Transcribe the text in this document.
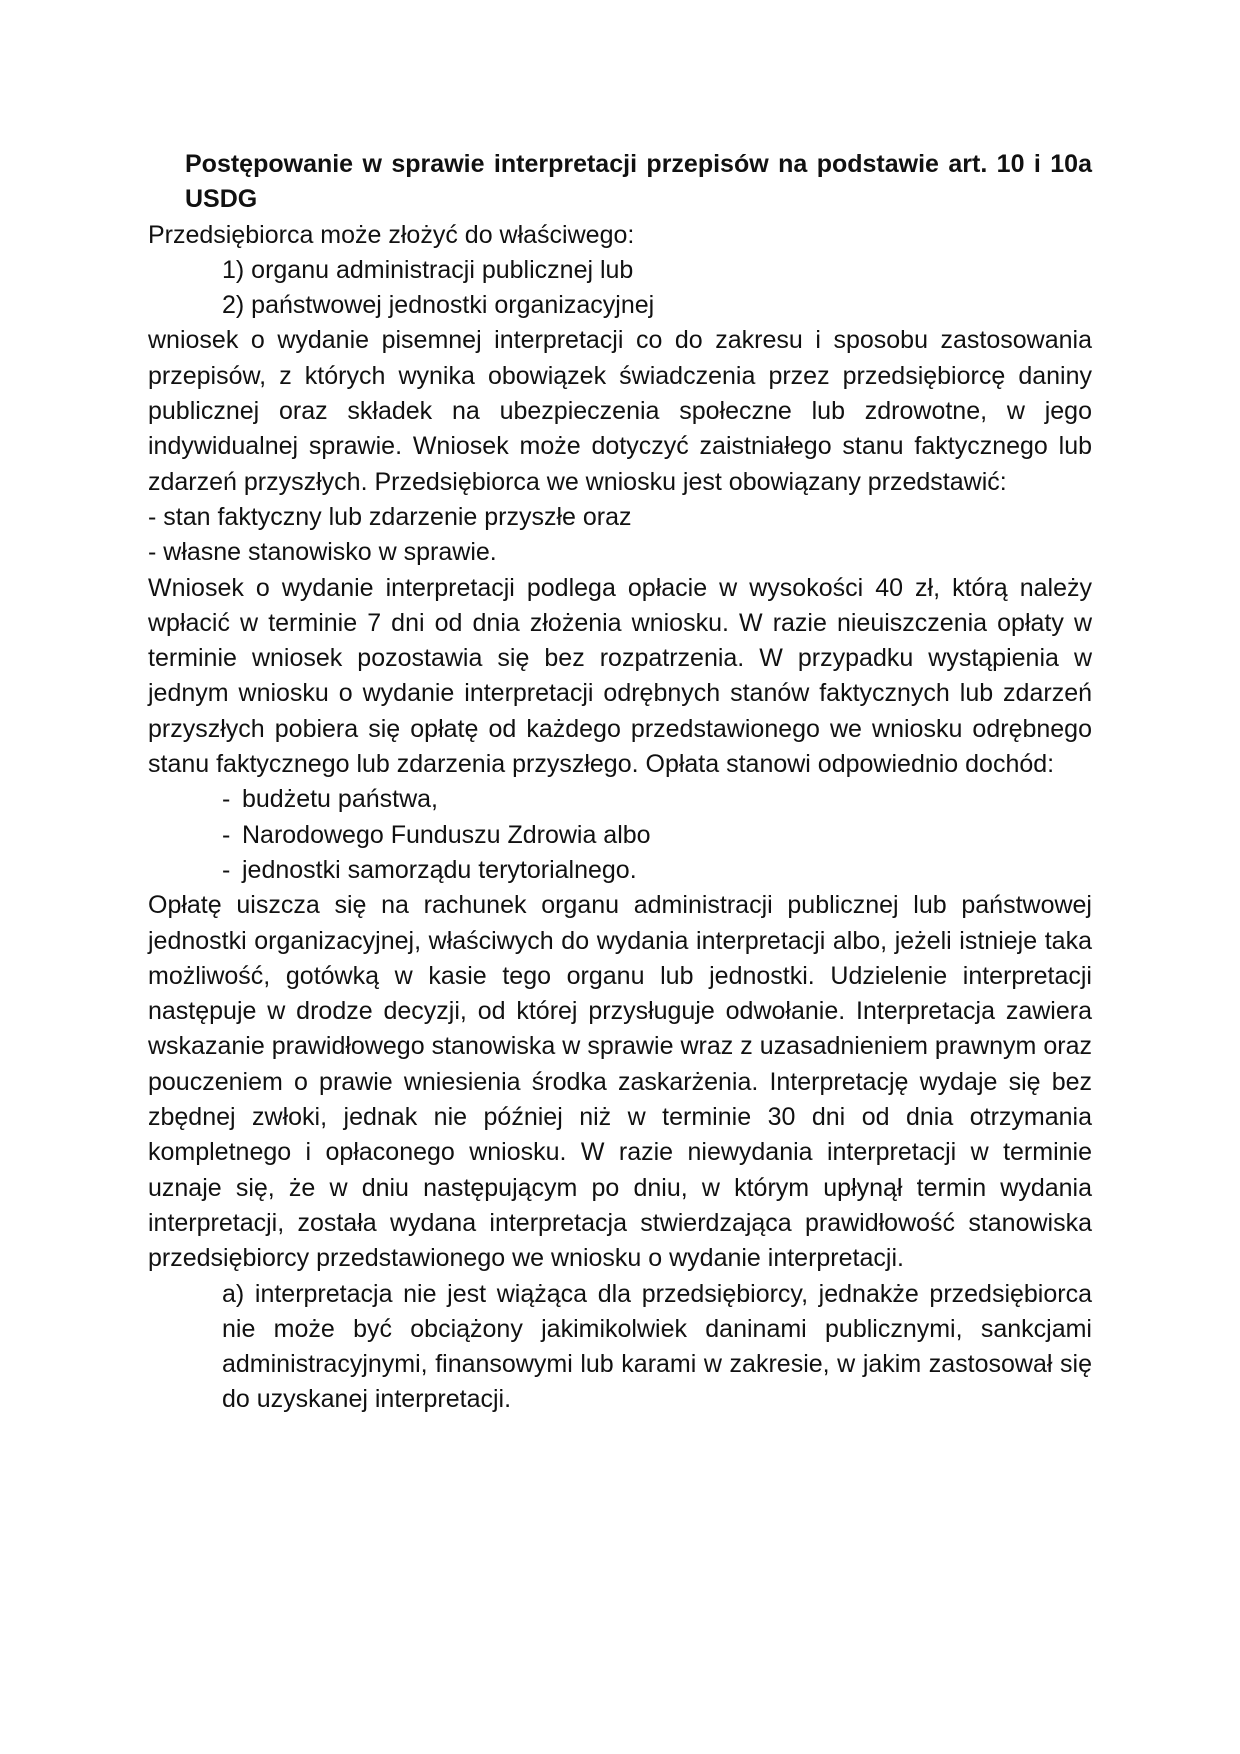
Postępowanie w sprawie interpretacji przepisów na podstawie art. 10 i 10a USDG

Przedsiębiorca może złożyć do właściwego:

1) organu administracji publicznej lub
2) państwowej jednostki organizacyjnej

wniosek o wydanie pisemnej interpretacji co do zakresu i sposobu zastosowania przepisów, z których wynika obowiązek świadczenia przez przedsiębiorcę daniny publicznej oraz składek na ubezpieczenia społeczne lub zdrowotne, w jego indywidualnej sprawie. Wniosek może dotyczyć zaistniałego stanu faktycznego lub zdarzeń przyszłych. Przedsiębiorca we wniosku jest obowiązany przedstawić:

- stan faktyczny lub zdarzenie przyszłe oraz
- własne stanowisko w sprawie.

Wniosek o wydanie interpretacji podlega opłacie w wysokości 40 zł, którą należy wpłacić w terminie 7 dni od dnia złożenia wniosku. W razie nieuiszczenia opłaty w terminie wniosek pozostawia się bez rozpatrzenia. W przypadku wystąpienia w jednym wniosku o wydanie interpretacji odrębnych stanów faktycznych lub zdarzeń przyszłych pobiera się opłatę od każdego przedstawionego we wniosku odrębnego stanu faktycznego lub zdarzenia przyszłego. Opłata stanowi odpowiednio dochód:

- budżetu państwa,
- Narodowego Funduszu Zdrowia albo
- jednostki samorządu terytorialnego.

Opłatę uiszcza się na rachunek organu administracji publicznej lub państwowej jednostki organizacyjnej, właściwych do wydania interpretacji albo, jeżeli istnieje taka możliwość, gotówką w kasie tego organu lub jednostki. Udzielenie interpretacji następuje w drodze decyzji, od której przysługuje odwołanie. Interpretacja zawiera wskazanie prawidłowego stanowiska w sprawie wraz z uzasadnieniem prawnym oraz pouczeniem o prawie wniesienia środka zaskarżenia. Interpretację wydaje się bez zbędnej zwłoki, jednak nie później niż w terminie 30 dni od dnia otrzymania kompletnego i opłaconego wniosku. W razie niewydania interpretacji w terminie uznaje się, że w dniu następującym po dniu, w którym upłynął termin wydania interpretacji, została wydana interpretacja stwierdzająca prawidłowość stanowiska przedsiębiorcy przedstawionego we wniosku o wydanie interpretacji.

a) interpretacja nie jest wiążąca dla przedsiębiorcy, jednakże przedsiębiorca nie może być obciążony jakimikolwiek daninami publicznymi, sankcjami administracyjnymi, finansowymi lub karami w zakresie, w jakim zastosował się do uzyskanej interpretacji.
